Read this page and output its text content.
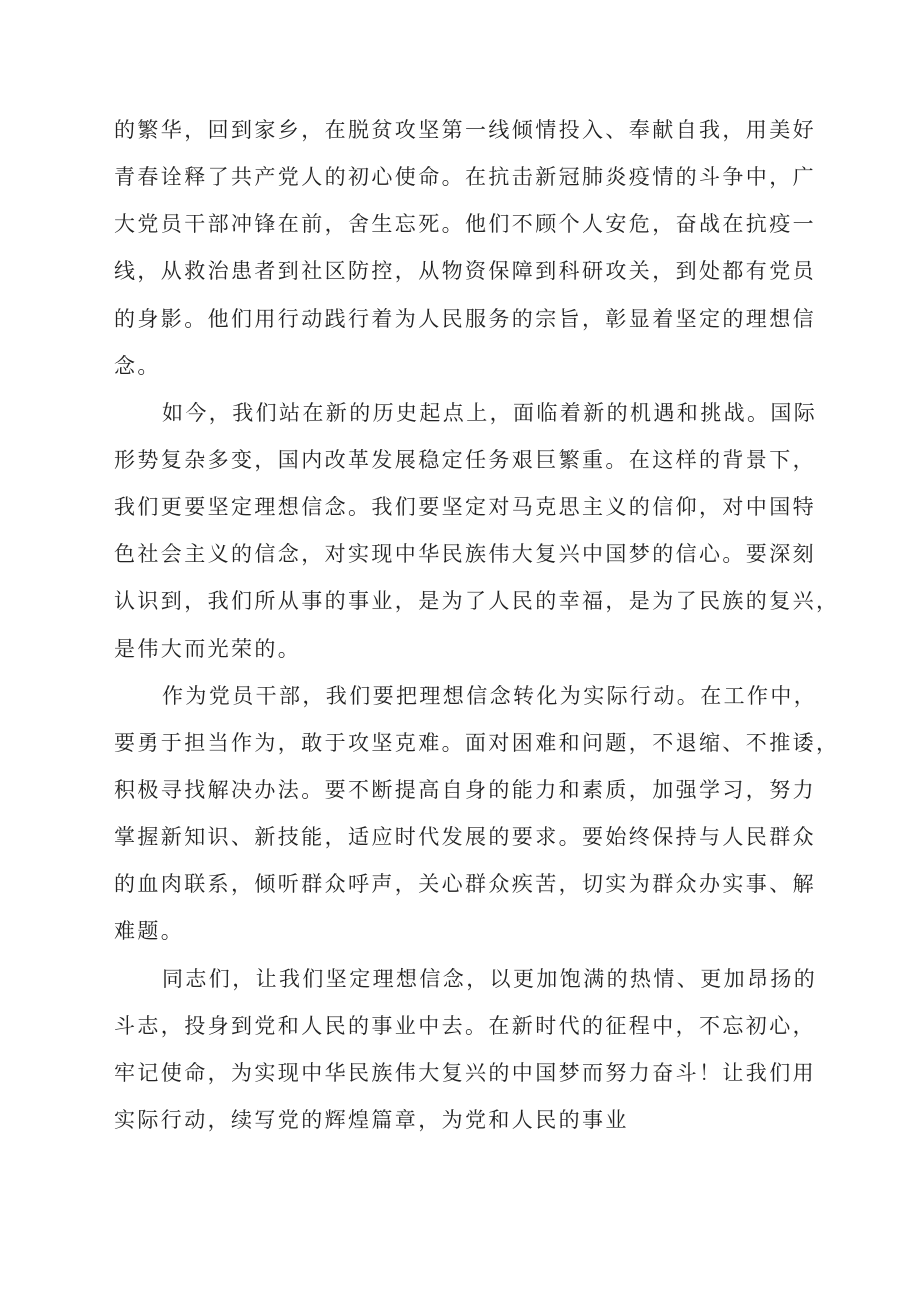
的繁华，回到家乡，在脱贫攻坚第一线倾情投入、奉献自我，用美好
青春诠释了共产党人的初心使命。在抗击新冠肺炎疫情的斗争中，广
大党员干部冲锋在前，舍生忘死。他们不顾个人安危，奋战在抗疫一
线，从救治患者到社区防控，从物资保障到科研攻关，到处都有党员
的身影。他们用行动践行着为人民服务的宗旨，彰显着坚定的理想信
念。
如今，我们站在新的历史起点上，面临着新的机遇和挑战。国际
形势复杂多变，国内改革发展稳定任务艰巨繁重。在这样的背景下，
我们更要坚定理想信念。我们要坚定对马克思主义的信仰，对中国特
色社会主义的信念，对实现中华民族伟大复兴中国梦的信心。要深刻
认识到，我们所从事的事业，是为了人民的幸福，是为了民族的复兴，
是伟大而光荣的。
作为党员干部，我们要把理想信念转化为实际行动。在工作中，
要勇于担当作为，敢于攻坚克难。面对困难和问题，不退缩、不推诿，
积极寻找解决办法。要不断提高自身的能力和素质，加强学习，努力
掌握新知识、新技能，适应时代发展的要求。要始终保持与人民群众
的血肉联系，倾听群众呼声，关心群众疾苦，切实为群众办实事、解
难题。
同志们，让我们坚定理想信念，以更加饱满的热情、更加昂扬的
斗志，投身到党和人民的事业中去。在新时代的征程中，不忘初心，
牢记使命，为实现中华民族伟大复兴的中国梦而努力奋斗！让我们用
实际行动，续写党的辉煌篇章，为党和人民的事业
